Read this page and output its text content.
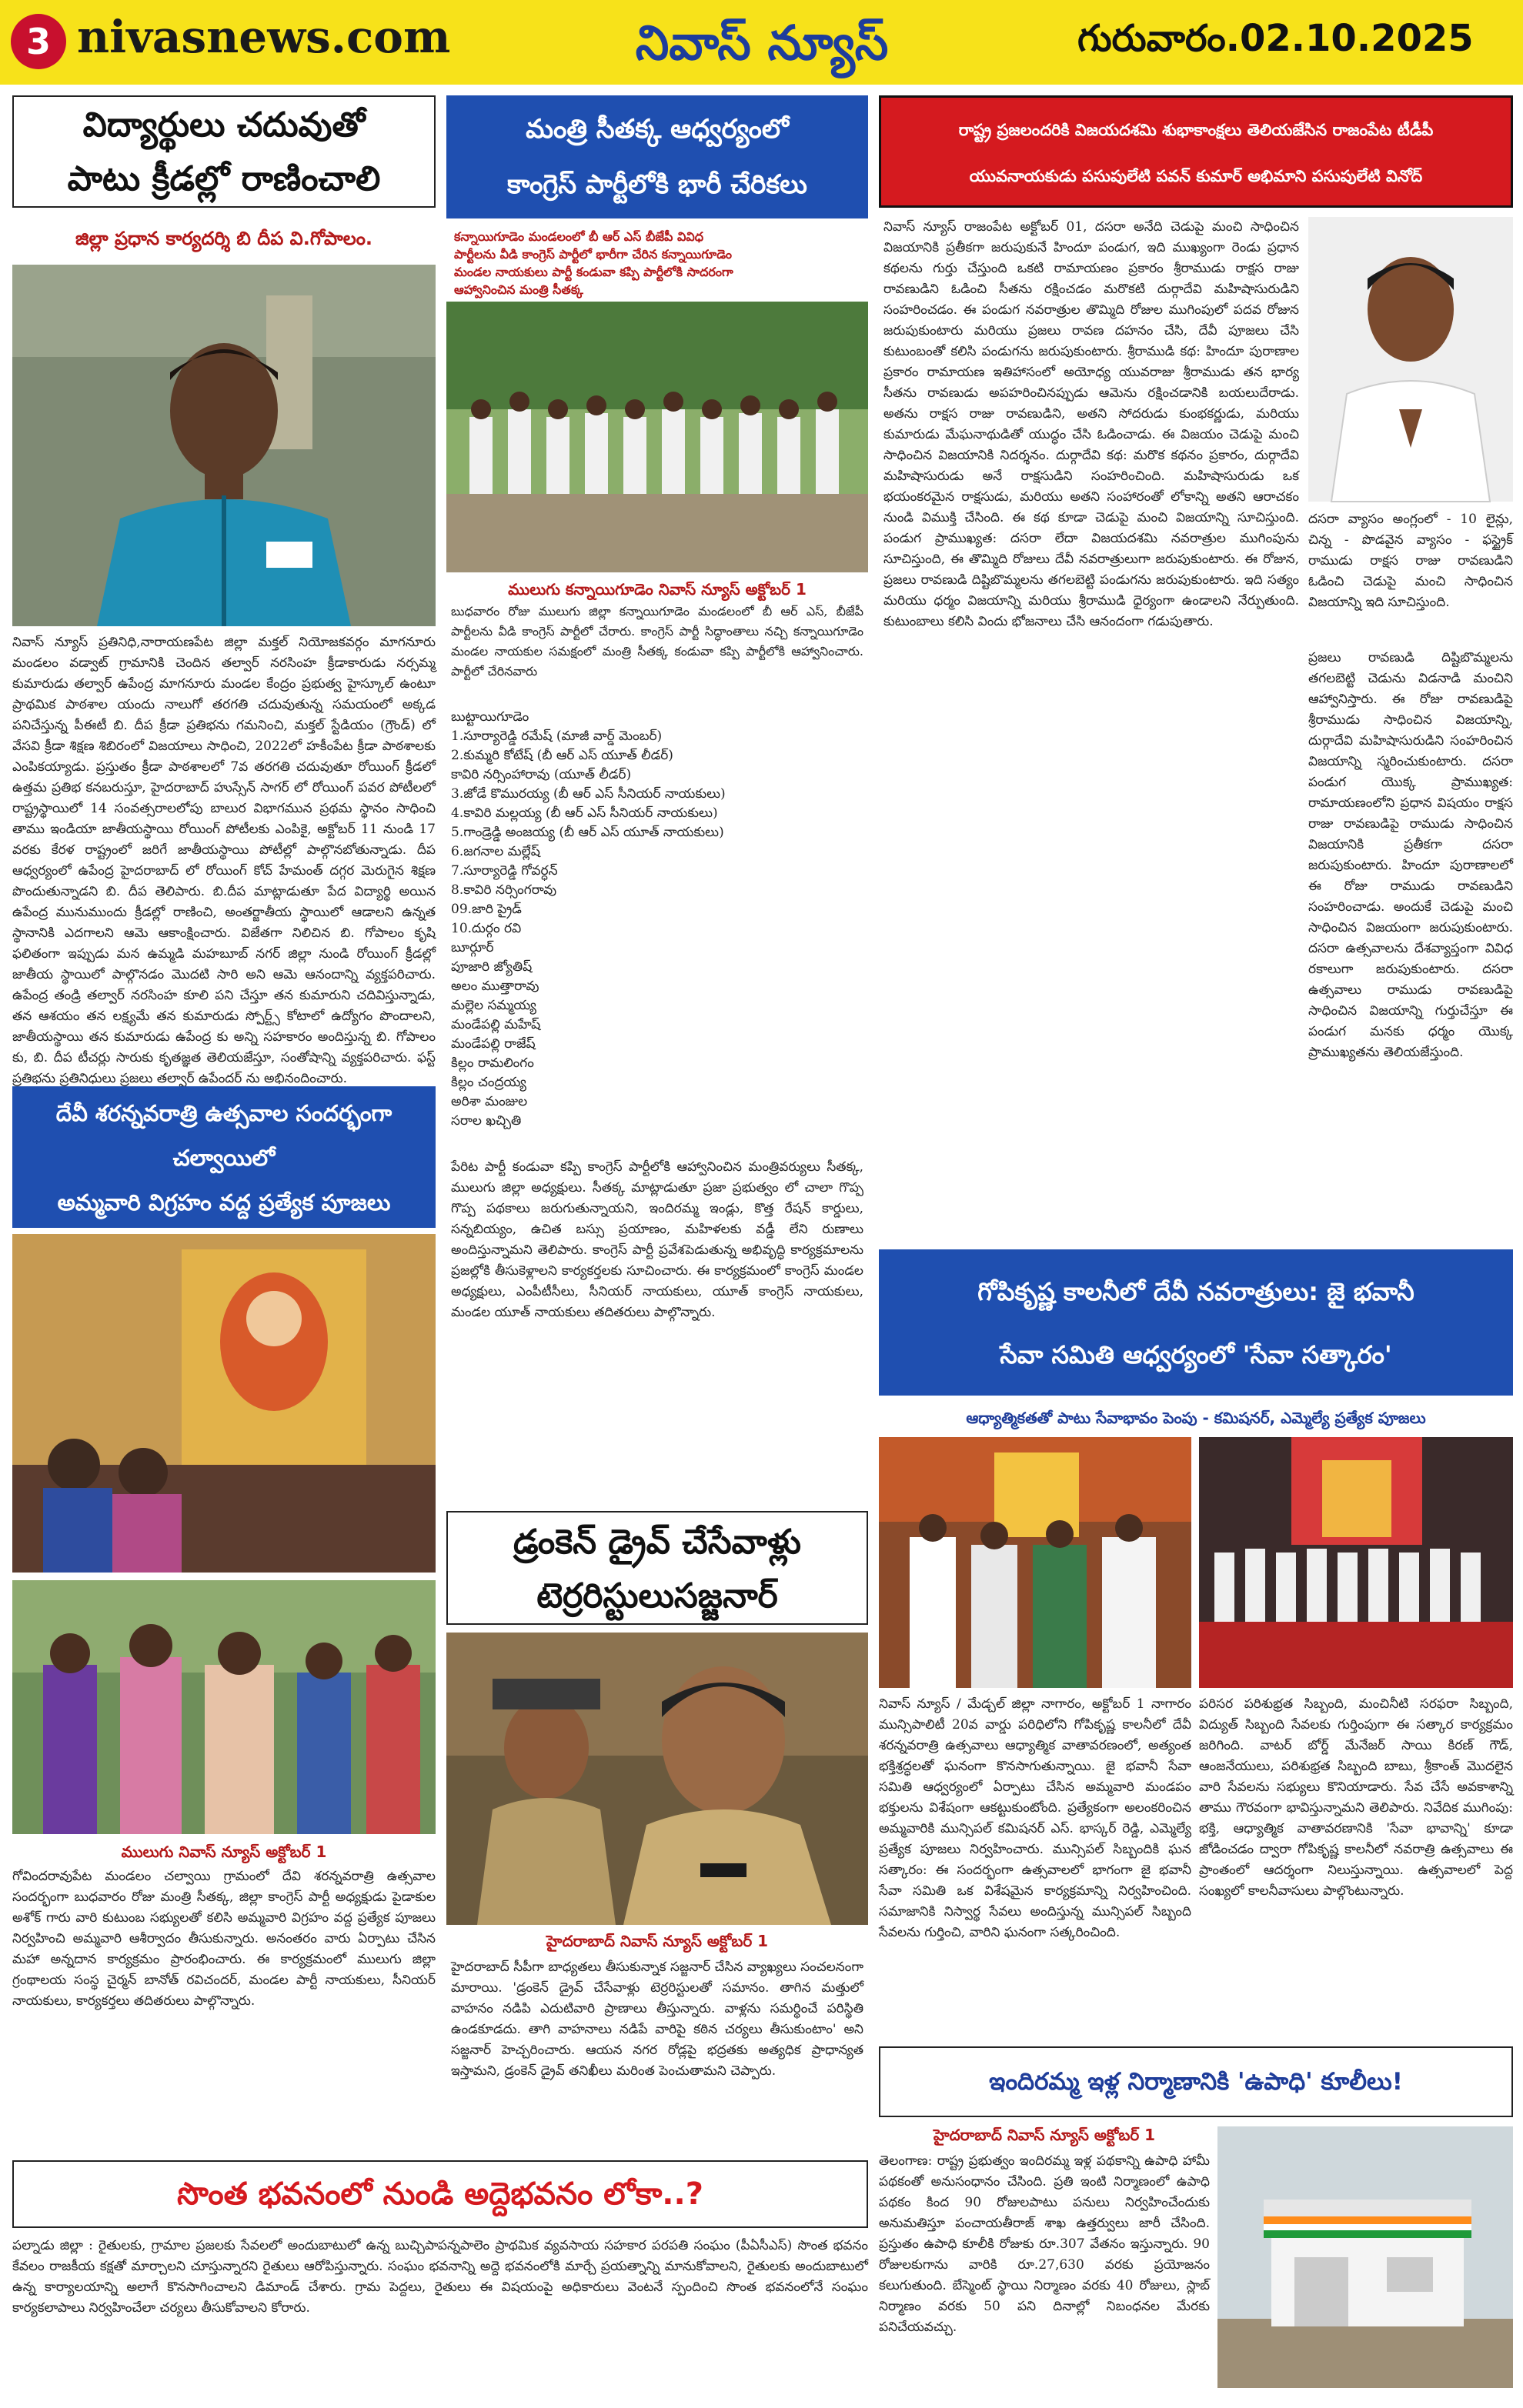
3 nivasnews.com	నివాస్ న్యూస్	గురువారం.02.10.2025
విద్యార్థులు చదువుతో
పాటు క్రీడల్లో రాణించాలి
జిల్లా ప్రధాన కార్యదర్శి బి దీప వి.గోపాలం.
నివాస్ న్యూస్ ప్రతినిధి,నారాయణపేట జిల్లా మక్తల్ నియోజకవర్గం మాగనూరు మండలం వడ్వాట్ గ్రామానికి చెందిన తల్వార్ నరసింహ క్రీడాకారుడు నర్సమ్మ కుమారుడు తల్వార్ ఉపేంద్ర మాగనూరు మండల కేంద్రం ప్రభుత్వ హైస్కూల్ ఉంటూ ప్రాథమిక పాఠశాల యందు నాలుగో తరగతి చదువుతున్న సమయంలో అక్కడ పనిచేస్తున్న పీఈటీ బి. దీప క్రీడా ప్రతిభను గమనించి, మక్తల్ స్టేడియం (గ్రౌండ్) లో వేసవి క్రీడా శిక్షణ శిబిరంలో విజయాలు సాధించి, 2022లో హకీంపేట క్రీడా పాఠశాలకు ఎంపికయ్యాడు. ప్రస్తుతం క్రీడా పాఠశాలలో 7వ తరగతి చదువుతూ రోయింగ్ క్రీడలో ఉత్తమ ప్రతిభ కనబరుస్తూ, హైదరాబాద్ హుస్సేన్ సాగర్ లో రోయింగ్ పవర పోటీలలో రాష్ట్రస్థాయిలో 14 సంవత్సరాలలోపు బాలుర విభాగమున ప్రథమ స్థానం సాధించి తాము ఇండియా జాతీయస్థాయి రోయింగ్ పోటీలకు ఎంపికై, అక్టోబర్ 11 నుండి 17 వరకు కేరళ రాష్ట్రంలో జరిగే జాతీయస్థాయి పోటీల్లో పాల్గొనబోతున్నాడు. దీప ఆధ్వర్యంలో ఉపేంద్ర హైదరాబాద్ లో రోయింగ్ కోచ్ హేమంత్ దగ్గర మెరుగైన శిక్షణ పొందుతున్నాడని బి. దీప తెలిపారు. బి.దీప మాట్లాడుతూ పేద విద్యార్థి అయిన ఉపేంద్ర మునుముందు క్రీడల్లో రాణించి, అంతర్జాతీయ స్థాయిలో ఆడాలని ఉన్నత స్థానానికి ఎదగాలని ఆమె ఆకాంక్షించారు. విజేతగా నిలిచిన బి. గోపాలం కృషి ఫలితంగా ఇప్పుడు మన ఉమ్మడి మహబూబ్ నగర్ జిల్లా నుండి రోయింగ్ క్రీడల్లో జాతీయ స్థాయిలో పాల్గొనడం మొదటి సారి అని ఆమె ఆనందాన్ని వ్యక్తపరిచారు. ఉపేంద్ర తండ్రి తల్వార్ నరసింహ కూలి పని చేస్తూ తన కుమారుని చదివిస్తున్నాడు, తన ఆశయం తన లక్ష్యమే తన కుమారుడు స్పోర్ట్స్ కోటాలో ఉద్యోగం పొందాలని, జాతీయస్థాయి తన కుమారుడు ఉపేంద్ర కు అన్ని సహకారం అందిస్తున్న బి. గోపాలం కు, బి. దీప టీచర్లు సారుకు కృతజ్ఞత తెలియజేస్తూ, సంతోషాన్ని వ్యక్తపరిచారు. ఫస్ట్ ప్రతిభను ప్రతినిధులు ప్రజలు తల్వార్ ఉపేందర్ ను అభినందించారు.
దేవీ శరన్నవరాత్రి ఉత్సవాల సందర్భంగా చల్వాయిలో
అమ్మవారి విగ్రహం వద్ద ప్రత్యేక పూజలు
ములుగు నివాస్ న్యూస్ అక్టోబర్ 1
గోవిందరావుపేట మండలం చల్వాయి గ్రామంలో దేవి శరన్నవరాత్రి ఉత్సవాల సందర్భంగా బుధవారం రోజు మంత్రి సీతక్క, జిల్లా కాంగ్రెస్ పార్టీ అధ్యక్షుడు పైడాకుల అశోక్ గారు వారి కుటుంబ సభ్యులతో కలిసి అమ్మవారి విగ్రహం వద్ద ప్రత్యేక పూజలు నిర్వహించి అమ్మవారి ఆశీర్వాదం తీసుకున్నారు. అనంతరం వారు ఏర్పాటు చేసిన మహా అన్నదాన కార్యక్రమం ప్రారంభించారు. ఈ కార్యక్రమంలో ములుగు జిల్లా గ్రంథాలయ సంస్థ చైర్మన్ బానోత్ రవిచందర్, మండల పార్టీ నాయకులు, సీనియర్ నాయకులు, కార్యకర్తలు తదితరులు పాల్గొన్నారు.
మంత్రి సీతక్క ఆధ్వర్యంలో
కాంగ్రెస్ పార్టీలోకి భారీ చేరికలు
కన్నాయిగూడెం మండలంలో బీ ఆర్ ఎస్ బీజేపీ వివిధ పార్టీలను వీడి కాంగ్రెస్ పార్టీలో భారీగా చేరిన కన్నాయిగూడెం మండల నాయకులు పార్టీ కండువా కప్పి పార్టీలోకి సాదరంగా ఆహ్వానించిన మంత్రి సీతక్క
ములుగు కన్నాయిగూడెం నివాస్ న్యూస్ అక్టోబర్ 1
బుధవారం రోజు ములుగు జిల్లా కన్నాయిగూడెం మండలంలో బీ ఆర్ ఎస్, బీజేపీ పార్టీలను వీడి కాంగ్రెస్ పార్టీలో చేరారు. కాంగ్రెస్ పార్టీ సిద్ధాంతాలు నచ్చి కన్నాయిగూడెం మండల నాయకుల సమక్షంలో మంత్రి సీతక్క కండువా కప్పి పార్టీలోకి ఆహ్వానించారు. పార్టీలో చేరినవారు
బుట్టాయిగూడెం
1.సూర్యారెడ్డి రమేష్ (మాజీ వార్డ్ మెంబర్)
2.కుమ్మరి కోటేష్ (బీ ఆర్ ఎస్ యూత్ లీడర్)
కావిరి నర్సింహారావు (యూత్ లీడర్)
3.జోడే కొమురయ్య (బీ ఆర్ ఎస్ సీనియర్ నాయకులు)
4.కావిరి మల్లయ్య (బీ ఆర్ ఎస్ సీనియర్ నాయకులు)
5.గాండ్రెడ్డి అంజయ్య (బీ ఆర్ ఎస్ యూత్ నాయకులు)
6.జగనాల మల్లేష్
7.సూర్యారెడ్డి గోవర్ధన్
8.కావిరి నర్సింగరావు
09.జారి ప్రైడ్
10.దుర్గం రవి
బూర్గూర్
పూజారి జ్యోతిష్
అలం ముత్తారావు
మల్లెల సమ్మయ్య
మండేపల్లి మహేష్
మండేపల్లి రాజేష్
కిల్లం రామలింగం
కిల్లం చంద్రయ్య
అరిశా మంజుల
సరాల ఖచ్చితి
పేరిట పార్టీ కండువా కప్పి కాంగ్రెస్ పార్టీలోకి ఆహ్వానించిన మంత్రివర్యులు సీతక్క, ములుగు జిల్లా అధ్యక్షులు. సీతక్క మాట్లాడుతూ ప్రజా ప్రభుత్వం లో చాలా గొప్ప గొప్ప పథకాలు జరుగుతున్నాయని, ఇందిరమ్మ ఇండ్లు, కొత్త రేషన్ కార్డులు, సన్నబియ్యం, ఉచిత బస్సు ప్రయాణం, మహిళలకు వడ్డీ లేని రుణాలు అందిస్తున్నామని తెలిపారు. కాంగ్రెస్ పార్టీ ప్రవేశపెడుతున్న అభివృద్ధి కార్యక్రమాలను ప్రజల్లోకి తీసుకెళ్లాలని కార్యకర్తలకు సూచించారు. ఈ కార్యక్రమంలో కాంగ్రెస్ మండల అధ్యక్షులు, ఎంపీటీసీలు, సీనియర్ నాయకులు, యూత్ కాంగ్రెస్ నాయకులు, మండల యూత్ నాయకులు తదితరులు పాల్గొన్నారు.
డ్రంకెన్ డ్రైవ్ చేసేవాళ్లు
టెర్రరిస్టులుసజ్జనార్
హైదరాబాద్ నివాస్ న్యూస్ అక్టోబర్ 1
హైదరాబాద్ సీపీగా బాధ్యతలు తీసుకున్నాక సజ్జనార్ చేసిన వ్యాఖ్యలు సంచలనంగా మారాయి. 'డ్రంకెన్ డ్రైవ్ చేసేవాళ్లు టెర్రరిస్టులతో సమానం. తాగిన మత్తులో వాహనం నడిపి ఎదుటివారి ప్రాణాలు తీస్తున్నారు. వాళ్లను సమర్థించే పరిస్థితి ఉండకూడదు. తాగి వాహనాలు నడిపే వారిపై కఠిన చర్యలు తీసుకుంటాం' అని సజ్జనార్ హెచ్చరించారు. ఆయన నగర రోడ్లపై భద్రతకు అత్యధిక ప్రాధాన్యత ఇస్తామని, డ్రంకెన్ డ్రైవ్ తనిఖీలు మరింత పెంచుతామని చెప్పారు.
రాష్ట్ర ప్రజలందరికి విజయదశమి శుభాకాంక్షలు తెలియజేసిన రాజంపేట టీడీపీ
యువనాయకుడు పసుపులేటి పవన్ కుమార్ అభిమాని పసుపులేటి వినోద్
నివాస్ న్యూస్ రాజంపేట అక్టోబర్ 01, దసరా అనేది చెడుపై మంచి సాధించిన విజయానికి ప్రతీకగా జరుపుకునే హిందూ పండుగ, ఇది ముఖ్యంగా రెండు ప్రధాన కథలను గుర్తు చేస్తుంది ఒకటి రామాయణం ప్రకారం శ్రీరాముడు రాక్షస రాజు రావణుడిని ఓడించి సీతను రక్షించడం మరొకటి దుర్గాదేవి మహిషాసురుడిని సంహరించడం. ఈ పండుగ నవరాత్రుల తొమ్మిది రోజుల ముగింపులో పదవ రోజున జరుపుకుంటారు మరియు ప్రజలు రావణ దహనం చేసి, దేవీ పూజలు చేసి కుటుంబంతో కలిసి పండుగను జరుపుకుంటారు. శ్రీరాముడి కథ: హిందూ పురాణాల ప్రకారం రామాయణ ఇతిహాసంలో అయోధ్య యువరాజు శ్రీరాముడు తన భార్య సీతను రావణుడు అపహరించినప్పుడు ఆమెను రక్షించడానికి బయలుదేరాడు. అతను రాక్షస రాజు రావణుడిని, అతని సోదరుడు కుంభకర్ణుడు, మరియు కుమారుడు మేఘనాథుడితో యుద్ధం చేసి ఓడించాడు. ఈ విజయం చెడుపై మంచి సాధించిన విజయానికి నిదర్శనం. దుర్గాదేవి కథ: మరొక కథనం ప్రకారం, దుర్గాదేవి మహిషాసురుడు అనే రాక్షసుడిని సంహరించింది. మహిషాసురుడు ఒక భయంకరమైన రాక్షసుడు, మరియు అతని సంహారంతో లోకాన్ని అతని ఆరాచకం నుండి విముక్తి చేసింది. ఈ కథ కూడా చెడుపై మంచి విజయాన్ని సూచిస్తుంది. పండుగ ప్రాముఖ్యత: దసరా లేదా విజయదశమి నవరాత్రుల ముగింపును సూచిస్తుంది, ఈ తొమ్మిది రోజులు దేవీ నవరాత్రులుగా జరుపుకుంటారు. ఈ రోజున, ప్రజలు రావణుడి దిష్టిబొమ్మలను తగలబెట్టి పండుగను జరుపుకుంటారు. ఇది సత్యం మరియు ధర్మం విజయాన్ని మరియు శ్రీరాముడి ధైర్యంగా ఉండాలని నేర్పుతుంది. కుటుంబాలు కలిసి విందు భోజనాలు చేసి ఆనందంగా గడుపుతారు.
దసరా వ్యాసం అంగ్లంలో - 10 లైన్లు, చిన్న - పొడవైన వ్యాసం - ఫస్ట్రైక్ రాముడు రాక్షస రాజు రావణుడిని ఓడించి చెడుపై మంచి సాధించిన విజయాన్ని ఇది సూచిస్తుంది.
ప్రజలు రావణుడి దిష్టిబొమ్మలను తగలబెట్టి చెడును విడనాడి మంచిని ఆహ్వానిస్తారు. ఈ రోజు రావణుడిపై శ్రీరాముడు సాధించిన విజయాన్ని, దుర్గాదేవి మహిషాసురుడిని సంహరించిన విజయాన్ని స్మరించుకుంటారు. దసరా పండుగ యొక్క ప్రాముఖ్యత: రామాయణంలోని ప్రధాన విషయం రాక్షస రాజు రావణుడిపై రాముడు సాధించిన విజయానికి ప్రతీకగా దసరా జరుపుకుంటారు. హిందూ పురాణాలలో ఈ రోజు రాముడు రావణుడిని సంహరించాడు. అందుకే చెడుపై మంచి సాధించిన విజయంగా జరుపుకుంటారు. దసరా ఉత్సవాలను దేశవ్యాప్తంగా వివిధ రకాలుగా జరుపుకుంటారు. దసరా ఉత్సవాలు రాముడు రావణుడిపై సాధించిన విజయాన్ని గుర్తుచేస్తూ ఈ పండుగ మనకు ధర్మం యొక్క ప్రాముఖ్యతను తెలియజేస్తుంది.
గోపికృష్ణ కాలనీలో దేవీ నవరాత్రులు: జై భవానీ
సేవా సమితి ఆధ్వర్యంలో 'సేవా సత్కారం'
ఆధ్యాత్మికతతో పాటు సేవాభావం పెంపు - కమిషనర్, ఎమ్మెల్యే ప్రత్యేక పూజలు
నివాస్ న్యూస్ / మేడ్చల్ జిల్లా నాగారం, అక్టోబర్ 1 నాగారం మున్సిపాలిటీ 20వ వార్డు పరిధిలోని గోపికృష్ణ కాలనీలో దేవీ శరన్నవరాత్రి ఉత్సవాలు ఆధ్యాత్మిక వాతావరణంలో, అత్యంత భక్తిశ్రద్ధలతో ఘనంగా కొనసాగుతున్నాయి. జై భవానీ సేవా సమితి ఆధ్వర్యంలో ఏర్పాటు చేసిన అమ్మవారి మండపం భక్తులను విశేషంగా ఆకట్టుకుంటోంది. ప్రత్యేకంగా అలంకరించిన అమ్మవారికి మున్సిపల్ కమిషనర్ ఎస్. భాస్కర్ రెడ్డి, ఎమ్మెల్యే ప్రత్యేక పూజలు నిర్వహించారు. మున్సిపల్ సిబ్బందికి ఘన సత్కారం: ఈ సందర్భంగా ఉత్సవాలలో భాగంగా జై భవానీ సేవా సమితి ఒక విశేషమైన కార్యక్రమాన్ని నిర్వహించింది. సమాజానికి నిస్వార్థ సేవలు అందిస్తున్న మున్సిపల్ సిబ్బంది సేవలను గుర్తించి, వారిని ఘనంగా సత్కరించింది.
పరిసర పరిశుభ్రత సిబ్బంది, మంచినీటి సరఫరా సిబ్బంది, విద్యుత్ సిబ్బంది సేవలకు గుర్తింపుగా ఈ సత్కార కార్యక్రమం జరిగింది. వాటర్ బోర్డ్ మేనేజర్ సాయి కిరణ్ గౌడ్, ఆంజనేయులు, పరిశుభ్రత సిబ్బంది బాబు, శ్రీకాంత్ మొదలైన వారి సేవలను సభ్యులు కొనియాడారు. సేవ చేసే అవకాశాన్ని తాము గౌరవంగా భావిస్తున్నామని తెలిపారు. నివేదిక ముగింపు: భక్తి, ఆధ్యాత్మిక వాతావరణానికి 'సేవా భావాన్ని' కూడా జోడించడం ద్వారా గోపికృష్ణ కాలనీలో నవరాత్రి ఉత్సవాలు ఈ ప్రాంతంలో ఆదర్శంగా నిలుస్తున్నాయి. ఉత్సవాలలో పెద్ద సంఖ్యలో కాలనీవాసులు పాల్గొంటున్నారు.
ఇందిరమ్మ ఇళ్ల నిర్మాణానికి 'ఉపాధి' కూలీలు!
హైదరాబాద్ నివాస్ న్యూస్ అక్టోబర్ 1
తెలంగాణ: రాష్ట్ర ప్రభుత్వం ఇందిరమ్మ ఇళ్ల పథకాన్ని ఉపాధి హామీ పథకంతో అనుసంధానం చేసింది. ప్రతి ఇంటి నిర్మాణంలో ఉపాధి పథకం కింద 90 రోజులపాటు పనులు నిర్వహించేందుకు అనుమతిస్తూ పంచాయతీరాజ్ శాఖ ఉత్తర్వులు జారీ చేసింది. ప్రస్తుతం ఉపాధి కూలీకి రోజుకు రూ.307 వేతనం ఇస్తున్నారు. 90 రోజులకుగాను వారికి రూ.27,630 వరకు ప్రయోజనం కలుగుతుంది. బేస్మెంట్ స్థాయి నిర్మాణం వరకు 40 రోజులు, స్లాబ్ నిర్మాణం వరకు 50 పని దినాల్లో నిబంధనల మేరకు పనిచేయవచ్చు.
సొంత భవనంలో నుండి అద్దెభవనం లోకా..?
పల్నాడు జిల్లా : రైతులకు, గ్రామాల ప్రజలకు సేవలలో అందుబాటులో ఉన్న బుచ్చిపాపన్నపాలెం ప్రాథమిక వ్యవసాయ సహకార పరపతి సంఘం (పీఏసీఎస్) సొంత భవనం కేవలం రాజకీయ కక్షతో మార్చాలని చూస్తున్నారని రైతులు ఆరోపిస్తున్నారు. సంఘం భవనాన్ని అద్దె భవనంలోకి మార్చే ప్రయత్నాన్ని మానుకోవాలని, రైతులకు అందుబాటులో ఉన్న కార్యాలయాన్ని అలాగే కొనసాగించాలని డిమాండ్ చేశారు. గ్రామ పెద్దలు, రైతులు ఈ విషయంపై అధికారులు వెంటనే స్పందించి సొంత భవనంలోనే సంఘం కార్యకలాపాలు నిర్వహించేలా చర్యలు తీసుకోవాలని కోరారు.
